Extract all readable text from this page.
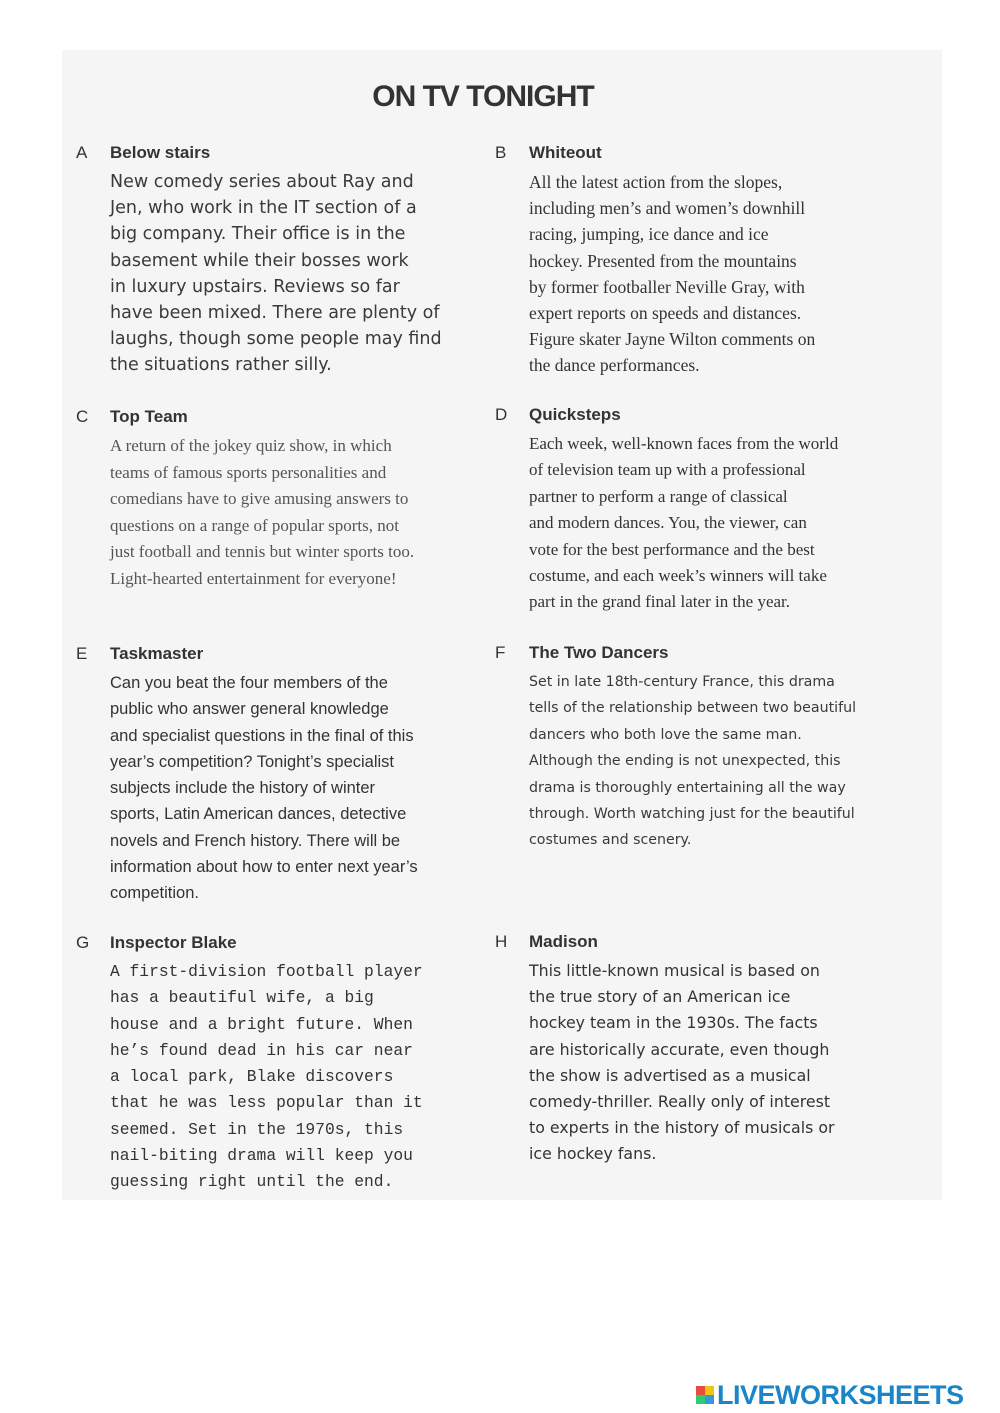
ON TV TONIGHT
A Below stairs
New comedy series about Ray and
Jen, who work in the IT section of a
big company. Their office is in the
basement while their bosses work
in luxury upstairs. Reviews so far
have been mixed. There are plenty of
laughs, though some people may find
the situations rather silly.
B Whiteout
All the latest action from the slopes,
including men’s and women’s downhill
racing, jumping, ice dance and ice
hockey. Presented from the mountains
by former footballer Neville Gray, with
expert reports on speeds and distances.
Figure skater Jayne Wilton comments on
the dance performances.
C Top Team
A return of the jokey quiz show, in which
teams of famous sports personalities and
comedians have to give amusing answers to
questions on a range of popular sports, not
just football and tennis but winter sports too.
Light-hearted entertainment for everyone!
D Quicksteps
Each week, well-known faces from the world
of television team up with a professional
partner to perform a range of classical
and modern dances. You, the viewer, can
vote for the best performance and the best
costume, and each week’s winners will take
part in the grand final later in the year.
E Taskmaster
Can you beat the four members of the
public who answer general knowledge
and specialist questions in the final of this
year’s competition? Tonight’s specialist
subjects include the history of winter
sports, Latin American dances, detective
novels and French history. There will be
information about how to enter next year’s
competition.
F The Two Dancers
Set in late 18th-century France, this drama
tells of the relationship between two beautiful
dancers who both love the same man.
Although the ending is not unexpected, this
drama is thoroughly entertaining all the way
through. Worth watching just for the beautiful
costumes and scenery.
G Inspector Blake
A first-division football player
has a beautiful wife, a big
house and a bright future. When
he’s found dead in his car near
a local park, Blake discovers
that he was less popular than it
seemed. Set in the 1970s, this
nail-biting drama will keep you
guessing right until the end.
H Madison
This little-known musical is based on
the true story of an American ice
hockey team in the 1930s. The facts
are historically accurate, even though
the show is advertised as a musical
comedy-thriller. Really only of interest
to experts in the history of musicals or
ice hockey fans.
LIVEWORKSHEETS
